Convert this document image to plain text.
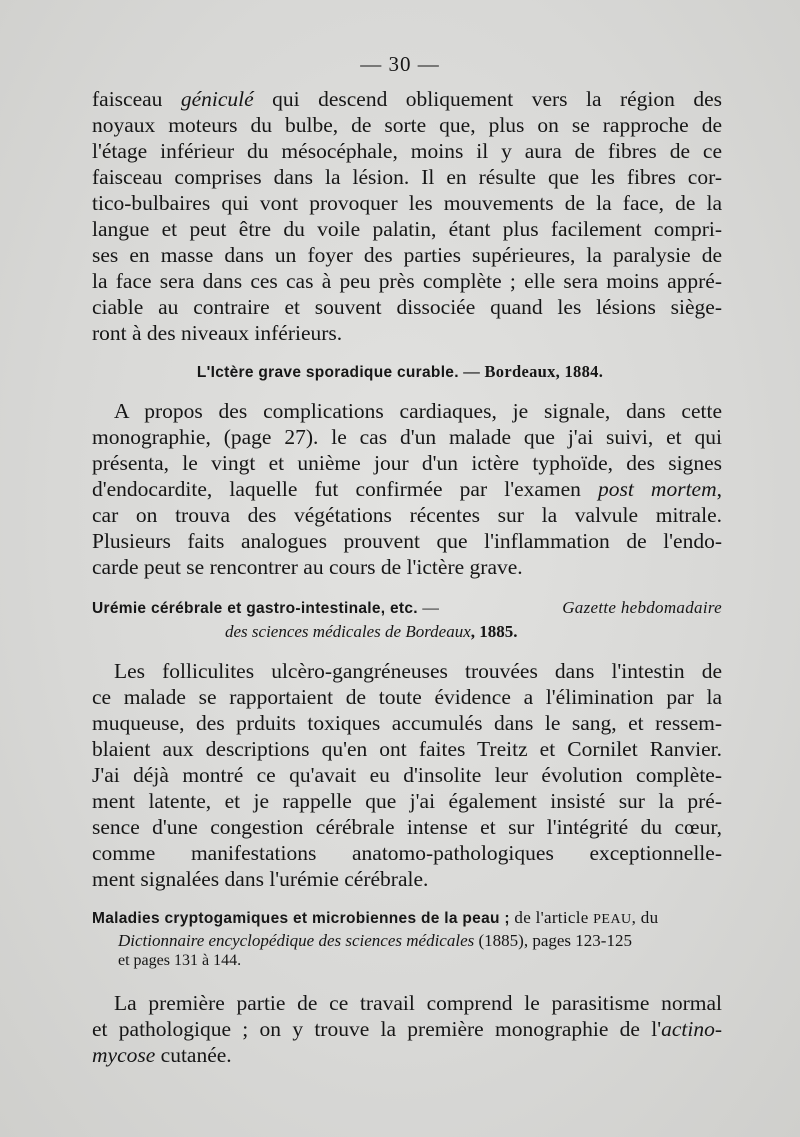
— 30 —

faisceau géniculé qui descend obliquement vers la région des
noyaux moteurs du bulbe, de sorte que, plus on se rapproche de
l'étage inférieur du mésocéphale, moins il y aura de fibres de ce
faisceau comprises dans la lésion. Il en résulte que les fibres cor-
tico-bulbaires qui vont provoquer les mouvements de la face, de la
langue et peut être du voile palatin, étant plus facilement compri-
ses en masse dans un foyer des parties supérieures, la paralysie de
la face sera dans ces cas à peu près complète ; elle sera moins appré-
ciable au contraire et souvent dissociée quand les lésions siège-
ront à des niveaux inférieurs.

L'Ictère grave sporadique curable. — Bordeaux, 1884.

A propos des complications cardiaques, je signale, dans cette
monographie, (page 27). le cas d'un malade que j'ai suivi, et qui
présenta, le vingt et unième jour d'un ictère typhoïde, des signes
d'endocardite, laquelle fut confirmée par l'examen post mortem,
car on trouva des végétations récentes sur la valvule mitrale.
Plusieurs faits analogues prouvent que l'inflammation de l'endo-
carde peut se rencontrer au cours de l'ictère grave.

Urémie cérébrale et gastro-intestinale, etc. —	Gazette hebdomadaire
des sciences médicales de Bordeaux, 1885.

Les folliculites ulcèro-gangréneuses trouvées dans l'intestin de
ce malade se rapportaient de toute évidence a l'élimination par la
muqueuse, des prduits toxiques accumulés dans le sang, et ressem-
blaient aux descriptions qu'en ont faites Treitz et Cornilet Ranvier.
J'ai déjà montré ce qu'avait eu d'insolite leur évolution complète-
ment latente, et je rappelle que j'ai également insisté sur la pré-
sence d'une congestion cérébrale intense et sur l'intégrité du cœur,
comme manifestations anatomo-pathologiques exceptionnelle-
ment signalées dans l'urémie cérébrale.

Maladies cryptogamiques et microbiennes de la peau ; de l'article PEAU, du
Dictionnaire encyclopédique des sciences médicales (1885), pages 123-125
et pages 131 à 144.

La première partie de ce travail comprend le parasitisme normal
et pathologique ; on y trouve la première monographie de l'actino-
mycose cutanée.
